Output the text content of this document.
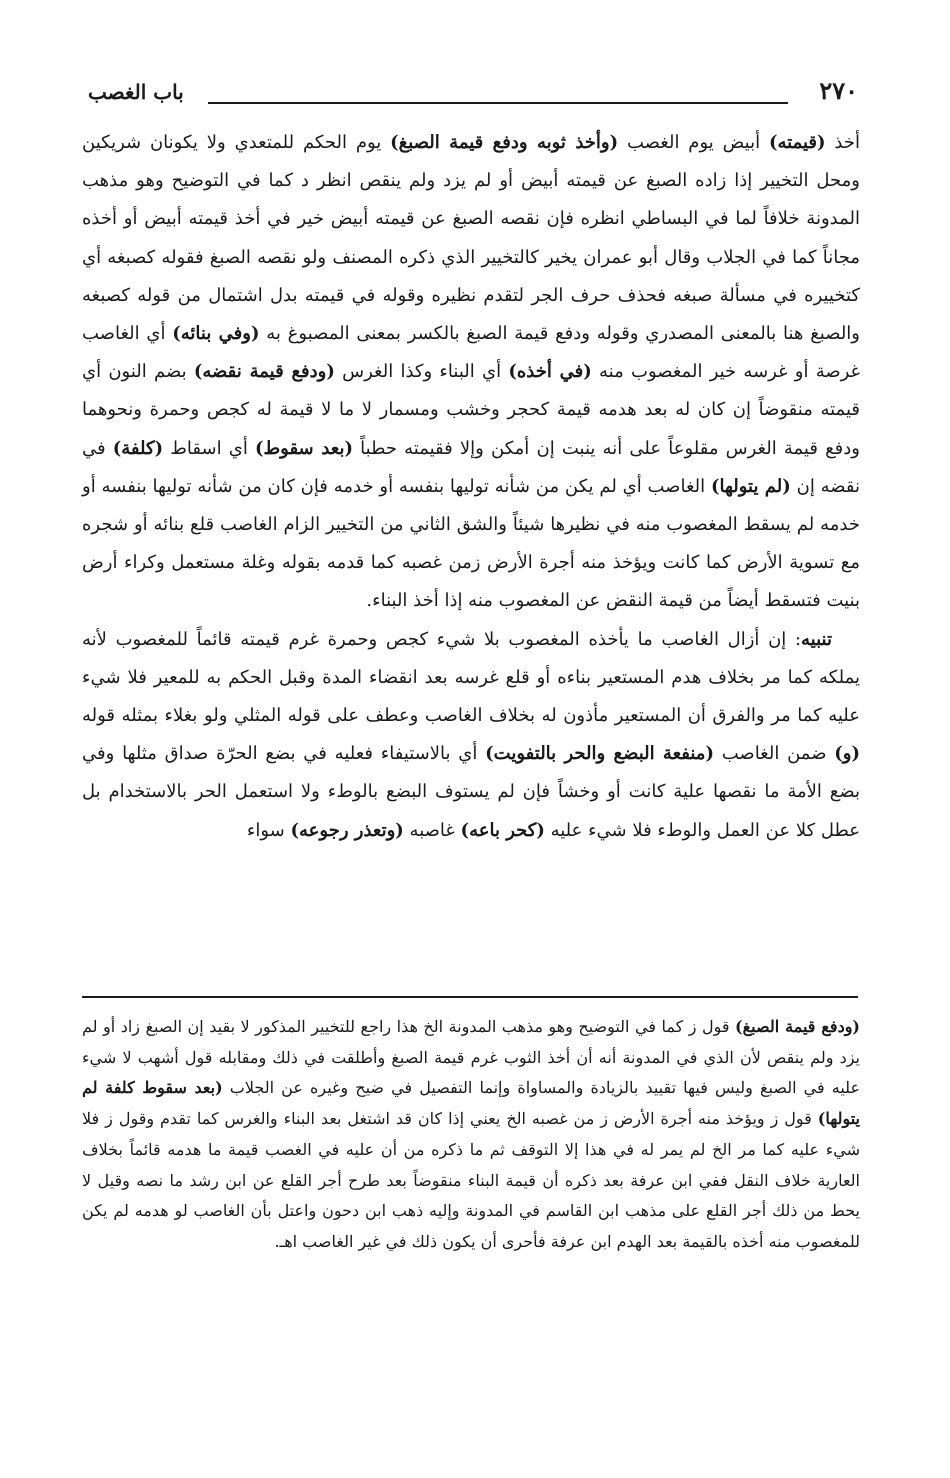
٢٧٠
باب الغصب

أخذ (قيمته) أبيض يوم الغصب (وأخذ ثوبه ودفع قيمة الصبغ) يوم الحكم للمتعدي ولا يكونان شريكين ومحل التخيير إذا زاده الصبغ عن قيمته أبيض أو لم يزد ولم ينقص انظر د كما في التوضيح وهو مذهب المدونة خلافاً لما في البساطي انظره فإن نقصه الصبغ عن قيمته أبيض خير في أخذ قيمته أبيض أو أخذه مجاناً كما في الجلاب وقال أبو عمران يخير كالتخيير الذي ذكره المصنف ولو نقصه الصبغ فقوله كصبغه أي كتخييره في مسألة صبغه فحذف حرف الجر لتقدم نظيره وقوله في قيمته بدل اشتمال من قوله كصبغه والصبغ هنا بالمعنى المصدري وقوله ودفع قيمة الصبغ بالكسر بمعنى المصبوغ به (وفي بنائه) أي الغاصب غرصة أو غرسه خير المغصوب منه (في أخذه) أي البناء وكذا الغرس (ودفع قيمة نقضه) بضم النون أي قيمته منقوضاً إن كان له بعد هدمه قيمة كحجر وخشب ومسمار لا ما لا قيمة له كجص وحمرة ونحوهما ودفع قيمة الغرس مقلوعاً على أنه ينبت إن أمكن وإلا فقيمته حطباً (بعد سقوط) أي اسقاط (كلفة) في نقضه إن (لم يتولها) الغاصب أي لم يكن من شأنه توليها بنفسه أو خدمه فإن كان من شأنه توليها بنفسه أو خدمه لم يسقط المغصوب منه في نظيرها شيئاً والشق الثاني من التخيير الزام الغاصب قلع بنائه أو شجره مع تسوية الأرض كما كانت ويؤخذ منه أجرة الأرض زمن غصبه كما قدمه بقوله وغلة مستعمل وكراء أرض بنيت فتسقط أيضاً من قيمة النقض عن المغصوب منه إذا أخذ البناء.

تنبيه: إن أزال الغاصب ما يأخذه المغصوب بلا شيء كجص وحمرة غرم قيمته قائماً للمغصوب لأنه يملكه كما مر بخلاف هدم المستعير بناءه أو قلع غرسه بعد انقضاء المدة وقبل الحكم به للمعير فلا شيء عليه كما مر والفرق أن المستعير مأذون له بخلاف الغاصب وعطف على قوله المثلي ولو بغلاء بمثله قوله (و) ضمن الغاصب (منفعة البضع والحر بالتفويت) أي بالاستيفاء فعليه في بضع الحرّة صداق مثلها وفي بضع الأمة ما نقصها علية كانت أو وخشاً فإن لم يستوف البضع بالوطء ولا استعمل الحر بالاستخدام بل عطل كلا عن العمل والوطء فلا شيء عليه (كحر باعه) غاصبه (وتعذر رجوعه) سواء

(ودفع قيمة الصبغ) قول ز كما في التوضيح وهو مذهب المدونة الخ هذا راجع للتخيير المذكور لا بقيد إن الصبغ زاد أو لم يزد ولم ينقص لأن الذي في المدونة أنه أن أخذ الثوب غرم قيمة الصبغ وأطلقت في ذلك ومقابله قول أشهب لا شيء عليه في الصبغ وليس فيها تقييد بالزيادة والمساواة وإنما التفصيل في ضيح وغيره عن الجلاب (بعد سقوط كلفة لم يتولها) قول ز ويؤخذ منه أجرة الأرض ز من غصبه الخ يعني إذا كان قد اشتغل بعد البناء والغرس كما تقدم وقول ز فلا شيء عليه كما مر الخ لم يمر له في هذا إلا التوقف ثم ما ذكره من أن عليه في الغصب قيمة ما هدمه قائماً بخلاف العارية خلاف النقل ففي ابن عرفة بعد ذكره أن قيمة البناء منقوضاً بعد طرح أجر القلع عن ابن رشد ما نصه وقيل لا يحط من ذلك أجر القلع على مذهب ابن القاسم في المدونة وإليه ذهب ابن دحون واعتل بأن الغاصب لو هدمه لم يكن للمغصوب منه أخذه بالقيمة بعد الهدم ابن عرفة فأحرى أن يكون ذلك في غير الغاصب اهـ.
